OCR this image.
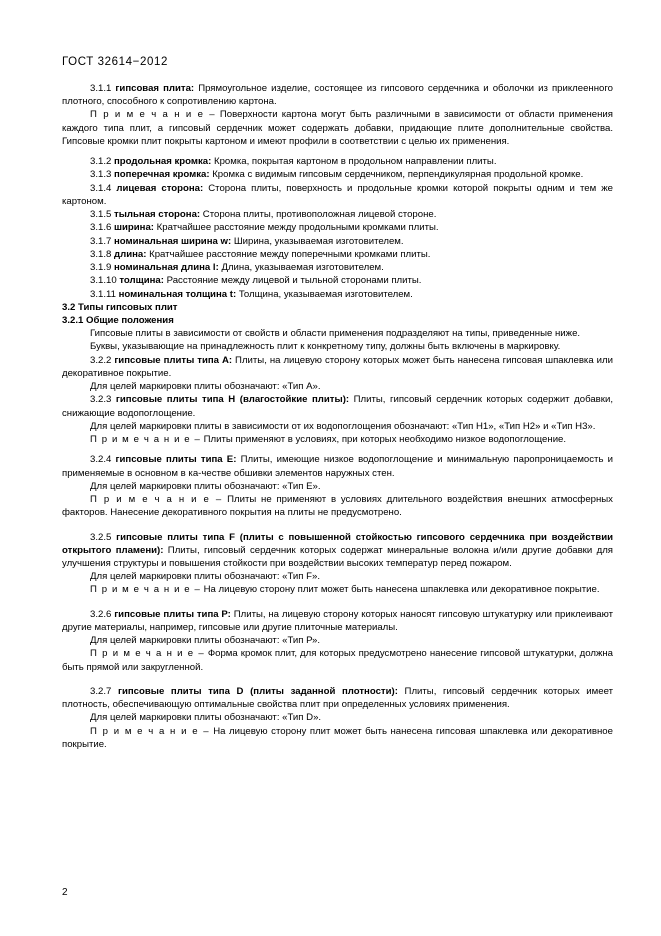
ГОСТ 32614−2012

3.1.1 гипсовая плита: Прямоугольное изделие, состоящее из гипсового сердечника и оболочки из приклеенного плотного, способного к сопротивлению картона.

П р и м е ч а н и е – Поверхности картона могут быть различными в зависимости от области применения каждого типа плит, а гипсовый сердечник может содержать добавки, придающие плите дополнительные свойства. Гипсовые кромки плит покрыты картоном и имеют профили в соответствии с целью их применения.

3.1.2 продольная кромка: Кромка, покрытая картоном в продольном направлении плиты.

3.1.3 поперечная кромка: Кромка с видимым гипсовым сердечником, перпендикулярная продольной кромке.

3.1.4 лицевая сторона: Сторона плиты, поверхность и продольные кромки которой покрыты одним и тем же картоном.

3.1.5 тыльная сторона: Сторона плиты, противоположная лицевой стороне.

3.1.6 ширина: Кратчайшее расстояние между продольными кромками плиты.

3.1.7 номинальная ширина w: Ширина, указываемая изготовителем.

3.1.8 длина: Кратчайшее расстояние между поперечными кромками плиты.

3.1.9 номинальная длина l: Длина, указываемая изготовителем.

3.1.10 толщина: Расстояние между лицевой и тыльной сторонами плиты.

3.1.11 номинальная толщина t: Толщина, указываемая изготовителем.

3.2 Типы гипсовых плит

3.2.1 Общие положения

Гипсовые плиты в зависимости от свойств и области применения подразделяют на типы, приведенные ниже.

Буквы, указывающие на принадлежность плит к конкретному типу, должны быть включены в маркировку.

3.2.2 гипсовые плиты типа А: Плиты, на лицевую сторону которых может быть нанесена гипсовая шпаклевка или декоративное покрытие.

Для целей маркировки плиты обозначают: «Тип А».

3.2.3 гипсовые плиты типа Н (влагостойкие плиты): Плиты, гипсовый сердечник которых содержит добавки, снижающие водопоглощение.

Для целей маркировки плиты в зависимости от их водопоглощения обозначают: «Тип Н1», «Тип Н2» и «Тип Н3».

П р и м е ч а н и е – Плиты применяют в условиях, при которых необходимо низкое водопоглощение.

3.2.4 гипсовые плиты типа Е: Плиты, имеющие низкое водопоглощение и минимальную паропроницаемость и применяемые в основном в ка-честве обшивки элементов наружных стен.

Для целей маркировки плиты обозначают: «Тип Е».

П р и м е ч а н и е – Плиты не применяют в условиях длительного воздействия внешних атмосферных факторов. Нанесение декоративного покрытия на плиты не предусмотрено.

3.2.5 гипсовые плиты типа F (плиты с повышенной стойкостью гипсового сердечника при воздействии открытого пламени): Плиты, гипсовый сердечник которых содержат минеральные волокна и/или другие добавки для улучшения структуры и повышения стойкости при воздействии высоких температур перед пожаром.

Для целей маркировки плиты обозначают: «Тип F».

П р и м е ч а н и е – На лицевую сторону плит может быть нанесена шпаклевка или декоративное покрытие.

3.2.6 гипсовые плиты типа Р: Плиты, на лицевую сторону которых наносят гипсовую штукатурку или приклеивают другие материалы, например, гипсовые или другие плиточные материалы.

Для целей маркировки плиты обозначают: «Тип Р».

П р и м е ч а н и е – Форма кромок плит, для которых предусмотрено нанесение гипсовой штукатурки, должна быть прямой или закругленной.

3.2.7 гипсовые плиты типа D (плиты заданной плотности): Плиты, гипсовый сердечник которых имеет плотность, обеспечивающую оптимальные свойства плит при определенных условиях применения.

Для целей маркировки плиты обозначают: «Тип D».

П р и м е ч а н и е – На лицевую сторону плит может быть нанесена гипсовая шпаклевка или декоративное покрытие.

2
